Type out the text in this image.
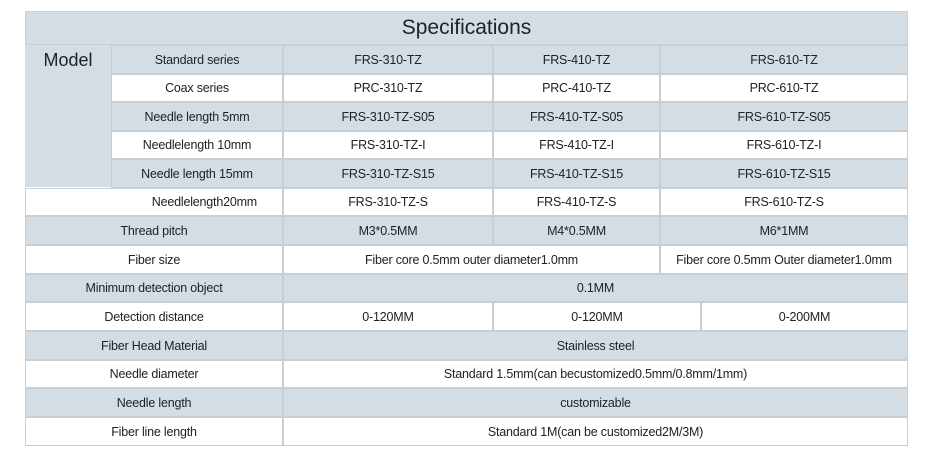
Specifications
Model	Standard series	FRS-310-TZ	FRS-410-TZ	FRS-610-TZ
Coax series	PRC-310-TZ	PRC-410-TZ	PRC-610-TZ
Needle length 5mm	FRS-310-TZ-S05	FRS-410-TZ-S05	FRS-610-TZ-S05
Needlelength 10mm	FRS-310-TZ-I	FRS-410-TZ-I	FRS-610-TZ-I
Needle length 15mm	FRS-310-TZ-S15	FRS-410-TZ-S15	FRS-610-TZ-S15
Needlelength20mm	FRS-310-TZ-S	FRS-410-TZ-S	FRS-610-TZ-S
Thread pitch	M3*0.5MM	M4*0.5MM	M6*1MM
Fiber size	Fiber core 0.5mm outer diameter1.0mm	Fiber core 0.5mm Outer diameter1.0mm
Minimum detection object	0.1MM
Detection distance	0-120MM	0-120MM	0-200MM
Fiber Head Material	Stainless steel
Needle diameter	Standard 1.5mm(can becustomized0.5mm/0.8mm/1mm)
Needle length	customizable
Fiber line length	Standard 1M(can be customized2M/3M)
